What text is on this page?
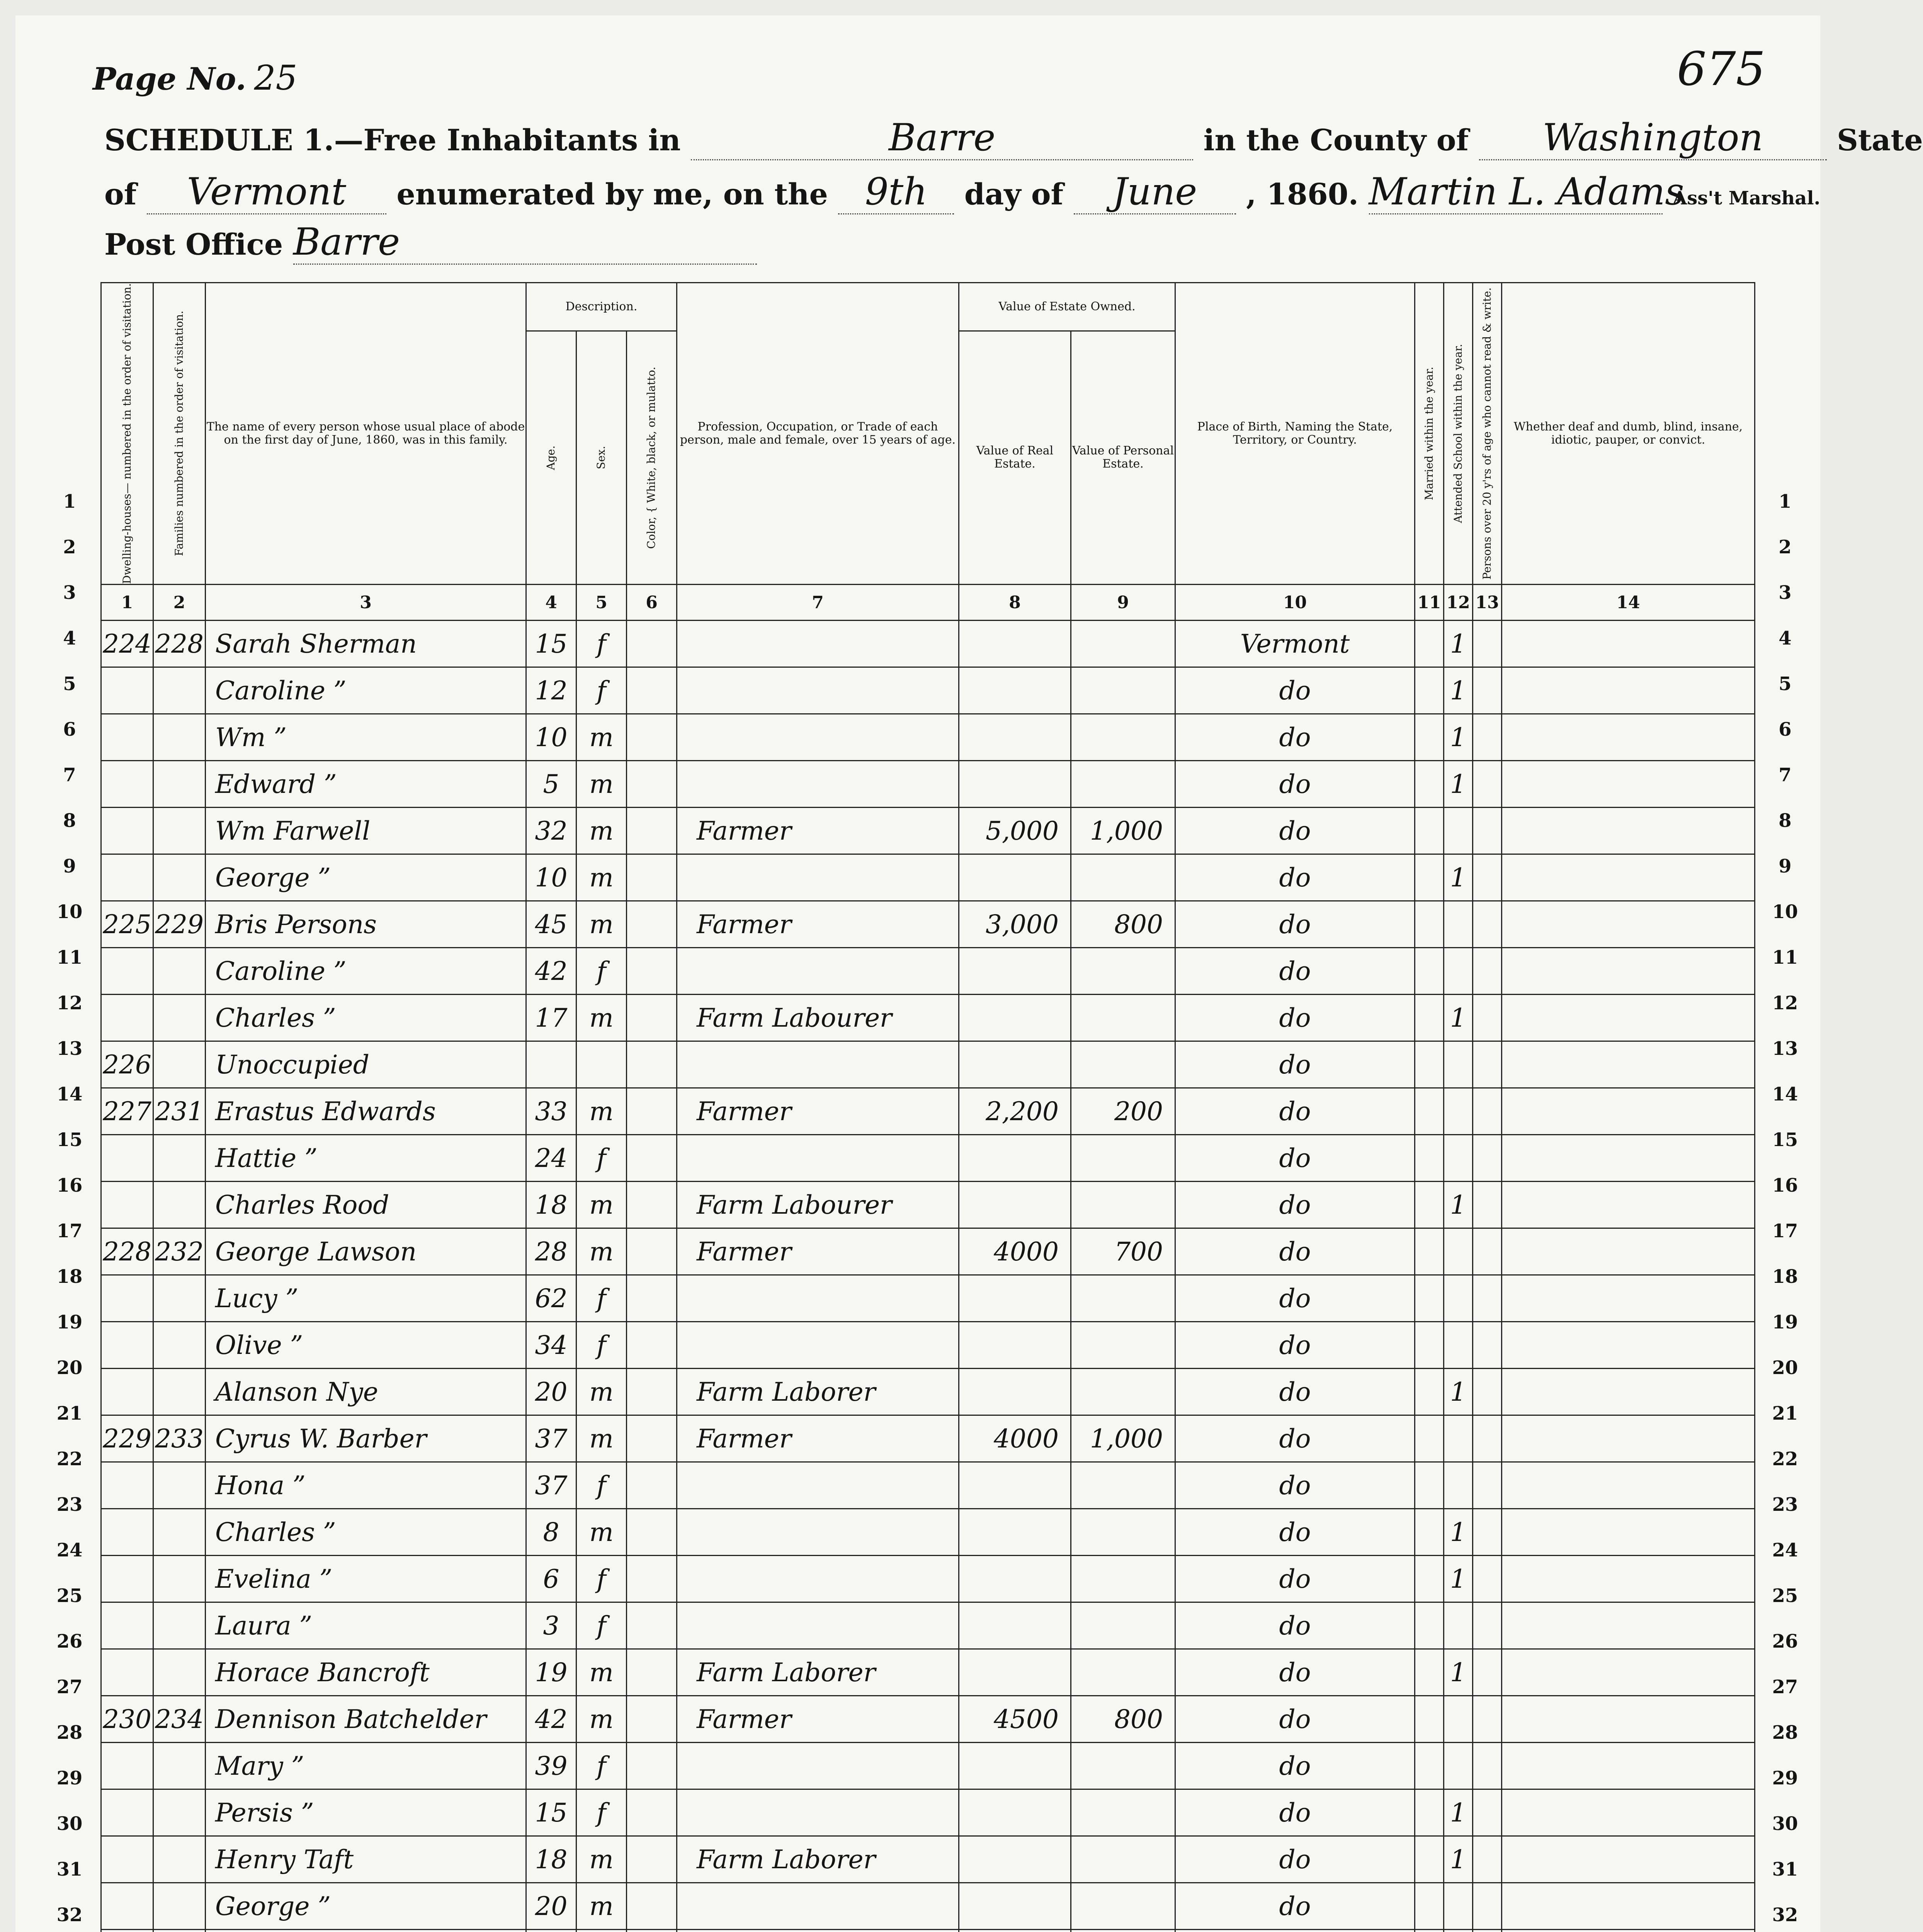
Page No. 25	675
SCHEDULE 1.—Free Inhabitants in	Barre	in the County of Washington	State
of Vermont enumerated by me, on the 9th day of June , 1860. Martin L. Adams Ass't Marshal.
Post Office Barre
Dwelling-houses— numbered in the order of visitation.	Families numbered in the order of visitation.	The name of every person whose usual place of abode on the first day of June, 1860, was in this family.	Description.			Profession, Occupation, or Trade of each person, male and female, over 15 years of age.	Value of Estate Owned.		Place of Birth, Naming the State, Territory, or Country.	Married within the year.	Attended School within the year.	Persons over 20 y'rs of age who cannot read & write.	Whether deaf and dumb, blind, insane, idiotic, pauper, or convict.

			Age.	Sex.	Color, { White, black, or mulatto.		Value of Real Estate.	Value of Personal Estate.					
1	2	3	4	5	6	7	8	9	10	11	12	13	14
224	228	Sarah Sherman	15	f					Vermont		1		
		Caroline ”	12	f					do		1		
		Wm ”	10	m					do		1		
		Edward ”	5	m					do		1		
		Wm Farwell	32	m		Farmer	5,000	1,000	do				
		George ”	10	m					do		1		
225	229	Bris Persons	45	m		Farmer	3,000	800	do				
		Caroline ”	42	f					do				
		Charles ”	17	m		Farm Labourer			do		1		
226		Unoccupied							do				
227	231	Erastus Edwards	33	m		Farmer	2,200	200	do				
		Hattie ”	24	f					do				
		Charles Rood	18	m		Farm Labourer			do		1		
228	232	George Lawson	28	m		Farmer	4000	700	do				
		Lucy ”	62	f					do				
		Olive ”	34	f					do				
		Alanson Nye	20	m		Farm Laborer			do		1		
229	233	Cyrus W. Barber	37	m		Farmer	4000	1,000	do				
		Hona ”	37	f					do				
		Charles ”	8	m					do		1		
		Evelina ”	6	f					do		1		
		Laura ”	3	f					do				
		Horace Bancroft	19	m		Farm Laborer			do		1		
230	234	Dennison Batchelder	42	m		Farmer	4500	800	do				
		Mary ”	39	f					do				
		Persis ”	15	f					do		1		
		Henry Taft	18	m		Farm Laborer			do		1		
		George ”	20	m					do				

1	1
2	2
3	3
4	4
5	5
6	6
7	7
8	8
9	9
10	10
11	11
12	12
13	13
14	14
15	15
16	16
17	17
18	18
19	19
20	20
21	21
22	22
23	23
24	24
25	25
26	26
27	27
28	28
29	29
30	30
31	31
32	32
